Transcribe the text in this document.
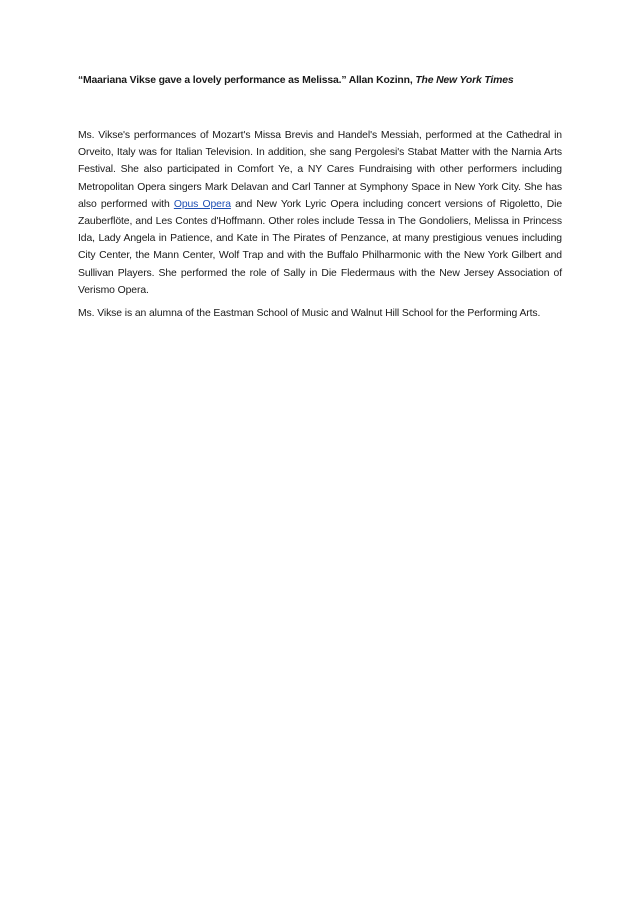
“Maariana Vikse gave a lovely performance as Melissa.” Allan Kozinn, The New York Times

Ms. Vikse's performances of Mozart's Missa Brevis and Handel's Messiah, performed at the Cathedral in Orveito, Italy was for Italian Television. In addition, she sang Pergolesi's Stabat Matter with the Narnia Arts Festival. She also participated in Comfort Ye, a NY Cares Fundraising with other performers including Metropolitan Opera singers Mark Delavan and Carl Tanner at Symphony Space in New York City. She has also performed with Opus Opera and New York Lyric Opera including concert versions of Rigoletto, Die Zauberflöte, and Les Contes d'Hoffmann. Other roles include Tessa in The Gondoliers, Melissa in Princess Ida, Lady Angela in Patience, and Kate in The Pirates of Penzance, at many prestigious venues including City Center, the Mann Center, Wolf Trap and with the Buffalo Philharmonic with the New York Gilbert and Sullivan Players. She performed the role of Sally in Die Fledermaus with the New Jersey Association of Verismo Opera.

Ms. Vikse is an alumna of the Eastman School of Music and Walnut Hill School for the Performing Arts.
